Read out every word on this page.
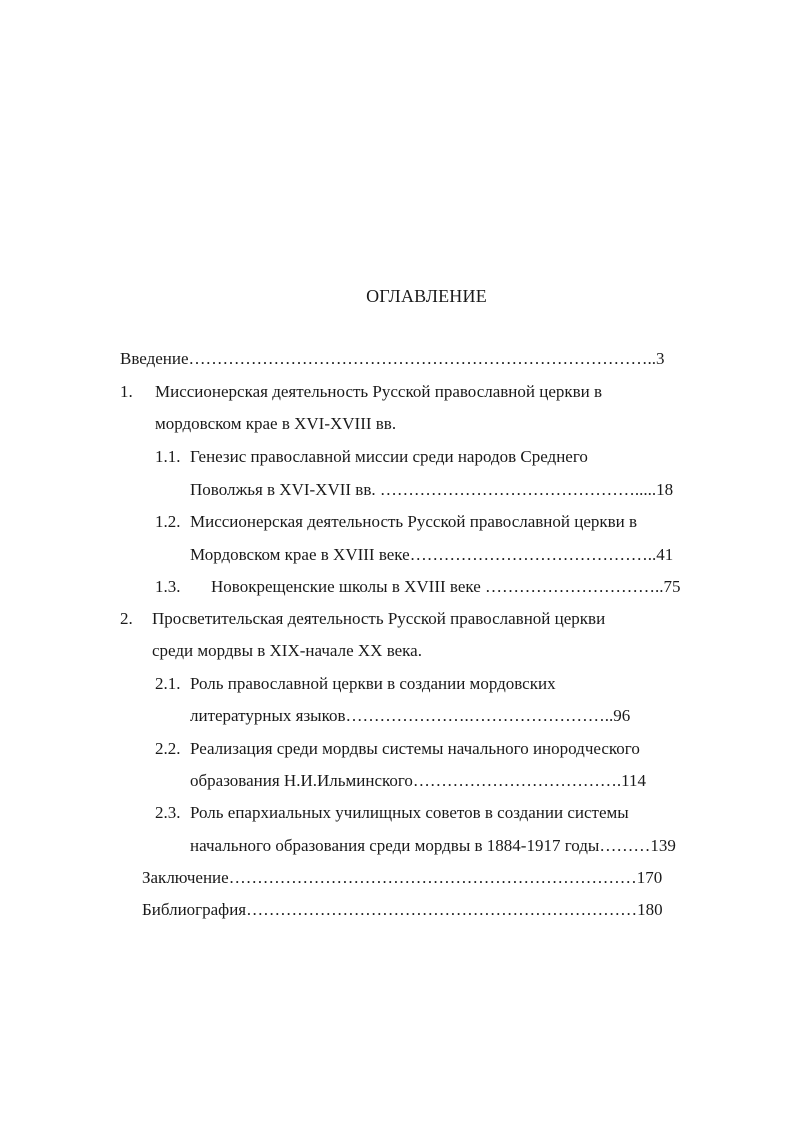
ОГЛАВЛЕНИЕ
Введение………………………………………………………………………..3
1. Миссионерская деятельность Русской православной церкви в
мордовском крае в XVI-XVIII вв.
1.1. Генезис православной миссии среди народов Среднего
Поволжья в XVI-XVII вв. ……………………………………….....18
1.2. Миссионерская деятельность Русской православной церкви в
Мордовском крае в XVIII веке……………………………………..41
1.3. Новокрещенские школы в XVIII веке …………………………..75
2. Просветительская деятельность Русской православной церкви
среди мордвы в XIX-начале XX века.
2.1. Роль православной церкви в создании мордовских
литературных языков………………….……………………..96
2.2. Реализация среди мордвы системы начального инородческого
образования Н.И.Ильминского……………………………….114
2.3. Роль епархиальных училищных советов в создании системы
начального образования среди мордвы в 1884-1917 годы………139
Заключение………………………………………………………………170
Библиография……………………………………………………………180
